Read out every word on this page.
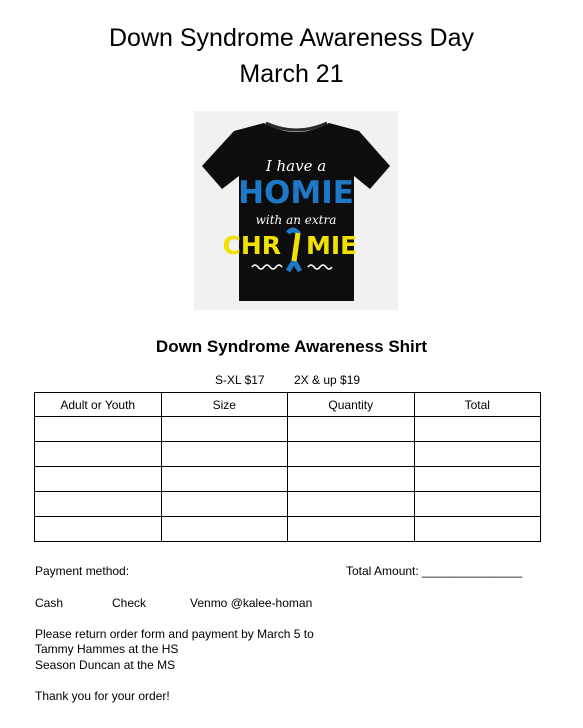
Down Syndrome Awareness Day
March 21
I have a
HOMIE
with an extra
CHR MIE
Down Syndrome Awareness Shirt
S-XL $17 2X & up $19
Adult or Youth	Size	Quantity	Total

Payment method:	Total Amount: _______________
Cash	Check	Venmo @kalee-homan
Please return order form and payment by March 5 to
Tammy Hammes at the HS
Season Duncan at the MS
Thank you for your order!
